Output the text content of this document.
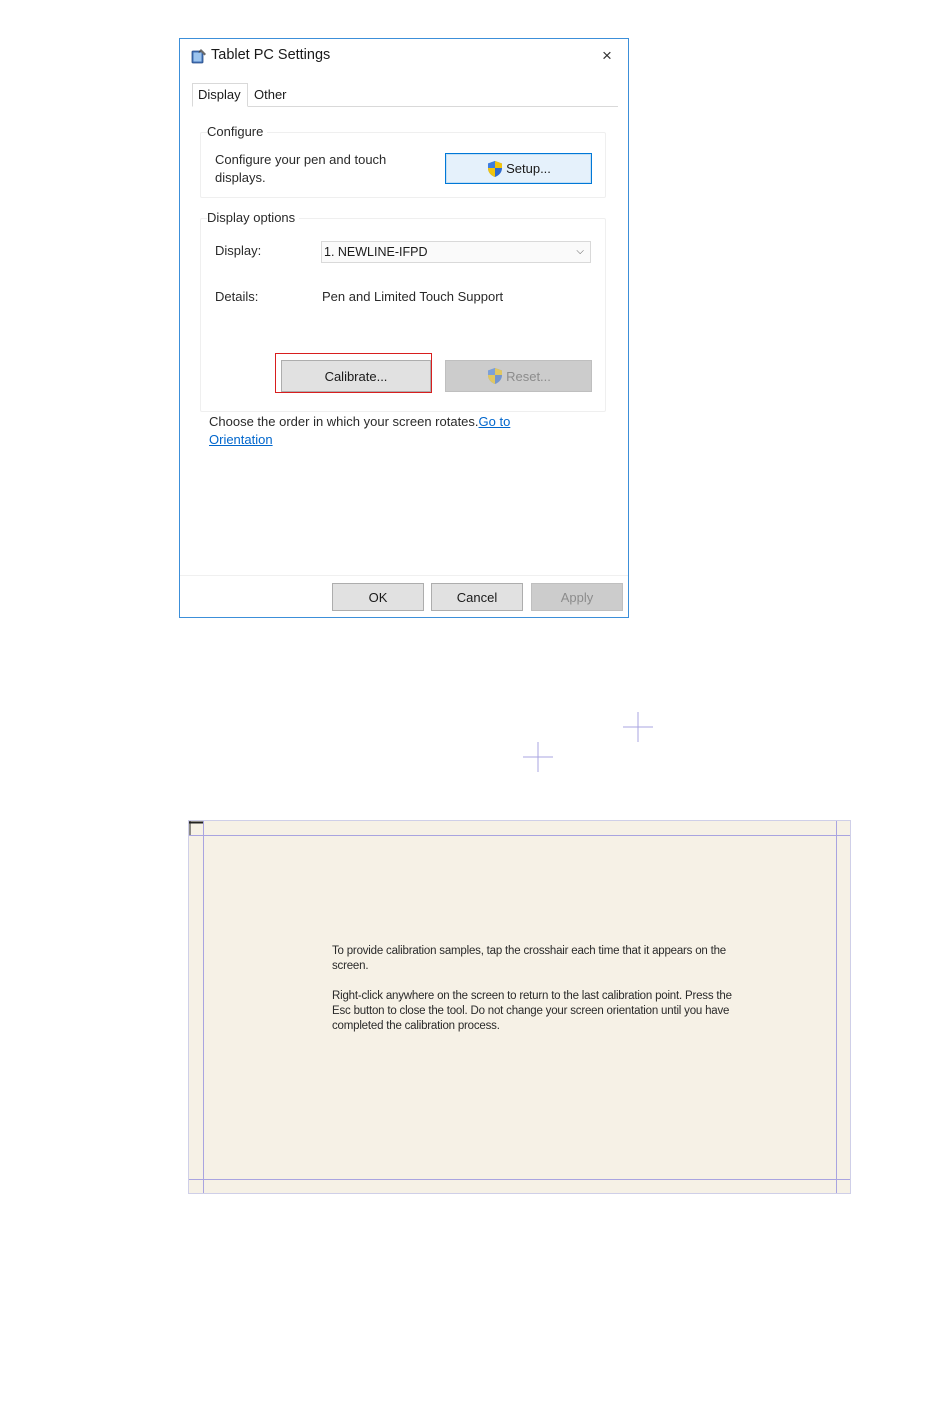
Tablet PC Settings	×
Display	Other
Configure
Configure your pen and touch displays.
Setup...
Display options
Display:	1. NEWLINE-IFPD	⌵
Details:	Pen and Limited Touch Support
Calibrate...	Reset...
Choose the order in which your screen rotates.Go to Orientation
OK	Cancel	Apply

To provide calibration samples, tap the crosshair each time that it appears on the screen.

Right-click anywhere on the screen to return to the last calibration point. Press the Esc button to close the tool. Do not change your screen orientation until you have completed the calibration process.
